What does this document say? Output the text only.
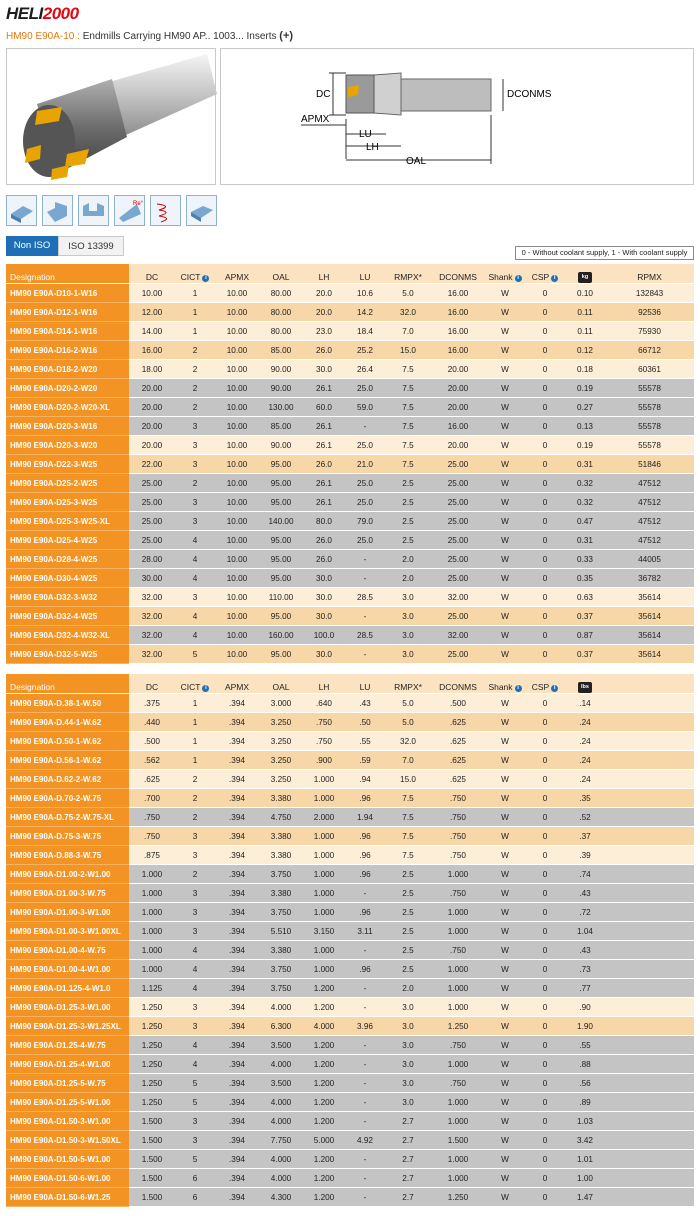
HELI2000
HM90 E90A-10 : Endmills Carrying HM90 AP.. 1003... Inserts (+)
DC	DCONMS
APMX
LU
LH
OAL
Re°
Non ISO	ISO 13399
0 - Without coolant supply, 1 - With coolant supply
Designation	DC	CICT i	APMX	OAL	LH	LU	RMPX*	DCONMS	Shank i	CSP i	kg	RPMX
HM90 E90A-D10-1-W16	10.00	1	10.00	80.00	20.0	10.6	5.0	16.00	W	0	0.10	132843
HM90 E90A-D12-1-W16	12.00	1	10.00	80.00	20.0	14.2	32.0	16.00	W	0	0.11	92536
HM90 E90A-D14-1-W16	14.00	1	10.00	80.00	23.0	18.4	7.0	16.00	W	0	0.11	75930
HM90 E90A-D16-2-W16	16.00	2	10.00	85.00	26.0	25.2	15.0	16.00	W	0	0.12	66712
HM90 E90A-D18-2-W20	18.00	2	10.00	90.00	30.0	26.4	7.5	20.00	W	0	0.18	60361
HM90 E90A-D20-2-W20	20.00	2	10.00	90.00	26.1	25.0	7.5	20.00	W	0	0.19	55578
HM90 E90A-D20-2-W20-XL	20.00	2	10.00	130.00	60.0	59.0	7.5	20.00	W	0	0.27	55578
HM90 E90A-D20-3-W16	20.00	3	10.00	85.00	26.1	-	7.5	16.00	W	0	0.13	55578
HM90 E90A-D20-3-W20	20.00	3	10.00	90.00	26.1	25.0	7.5	20.00	W	0	0.19	55578
HM90 E90A-D22-3-W25	22.00	3	10.00	95.00	26.0	21.0	7.5	25.00	W	0	0.31	51846
HM90 E90A-D25-2-W25	25.00	2	10.00	95.00	26.1	25.0	2.5	25.00	W	0	0.32	47512
HM90 E90A-D25-3-W25	25.00	3	10.00	95.00	26.1	25.0	2.5	25.00	W	0	0.32	47512
HM90 E90A-D25-3-W25-XL	25.00	3	10.00	140.00	80.0	79.0	2.5	25.00	W	0	0.47	47512
HM90 E90A-D25-4-W25	25.00	4	10.00	95.00	26.0	25.0	2.5	25.00	W	0	0.31	47512
HM90 E90A-D28-4-W25	28.00	4	10.00	95.00	26.0	-	2.0	25.00	W	0	0.33	44005
HM90 E90A-D30-4-W25	30.00	4	10.00	95.00	30.0	-	2.0	25.00	W	0	0.35	36782
HM90 E90A-D32-3-W32	32.00	3	10.00	110.00	30.0	28.5	3.0	32.00	W	0	0.63	35614
HM90 E90A-D32-4-W25	32.00	4	10.00	95.00	30.0	-	3.0	25.00	W	0	0.37	35614
HM90 E90A-D32-4-W32-XL	32.00	4	10.00	160.00	100.0	28.5	3.0	32.00	W	0	0.87	35614
HM90 E90A-D32-5-W25	32.00	5	10.00	95.00	30.0	-	3.0	25.00	W	0	0.37	35614
Designation	DC	CICT i	APMX	OAL	LH	LU	RMPX*	DCONMS	Shank i	CSP i	lbs	
HM90 E90A-D.38-1-W.50	.375	1	.394	3.000	.640	.43	5.0	.500	W	0	.14	
HM90 E90A-D.44-1-W.62	.440	1	.394	3.250	.750	.50	5.0	.625	W	0	.24	
HM90 E90A-D.50-1-W.62	.500	1	.394	3.250	.750	.55	32.0	.625	W	0	.24	
HM90 E90A-D.56-1-W.62	.562	1	.394	3.250	.900	.59	7.0	.625	W	0	.24	
HM90 E90A-D.62-2-W.62	.625	2	.394	3.250	1.000	.94	15.0	.625	W	0	.24	
HM90 E90A-D.70-2-W.75	.700	2	.394	3.380	1.000	.96	7.5	.750	W	0	.35	
HM90 E90A-D.75-2-W.75-XL	.750	2	.394	4.750	2.000	1.94	7.5	.750	W	0	.52	
HM90 E90A-D.75-3-W.75	.750	3	.394	3.380	1.000	.96	7.5	.750	W	0	.37	
HM90 E90A-D.88-3-W.75	.875	3	.394	3.380	1.000	.96	7.5	.750	W	0	.39	
HM90 E90A-D1.00-2-W1.00	1.000	2	.394	3.750	1.000	.96	2.5	1.000	W	0	.74	
HM90 E90A-D1.00-3-W.75	1.000	3	.394	3.380	1.000	-	2.5	.750	W	0	.43	
HM90 E90A-D1.00-3-W1.00	1.000	3	.394	3.750	1.000	.96	2.5	1.000	W	0	.72	
HM90 E90A-D1.00-3-W1.00XL	1.000	3	.394	5.510	3.150	3.11	2.5	1.000	W	0	1.04	
HM90 E90A-D1.00-4-W.75	1.000	4	.394	3.380	1.000	-	2.5	.750	W	0	.43	
HM90 E90A-D1.00-4-W1.00	1.000	4	.394	3.750	1.000	.96	2.5	1.000	W	0	.73	
HM90 E90A-D1.125-4-W1.0	1.125	4	.394	3.750	1.200	-	2.0	1.000	W	0	.77	
HM90 E90A-D1.25-3-W1.00	1.250	3	.394	4.000	1.200	-	3.0	1.000	W	0	.90	
HM90 E90A-D1.25-3-W1.25XL	1.250	3	.394	6.300	4.000	3.96	3.0	1.250	W	0	1.90	
HM90 E90A-D1.25-4-W.75	1.250	4	.394	3.500	1.200	-	3.0	.750	W	0	.55	
HM90 E90A-D1.25-4-W1.00	1.250	4	.394	4.000	1.200	-	3.0	1.000	W	0	.88	
HM90 E90A-D1.25-5-W.75	1.250	5	.394	3.500	1.200	-	3.0	.750	W	0	.56	
HM90 E90A-D1.25-5-W1.00	1.250	5	.394	4.000	1.200	-	3.0	1.000	W	0	.89	
HM90 E90A-D1.50-3-W1.00	1.500	3	.394	4.000	1.200	-	2.7	1.000	W	0	1.03	
HM90 E90A-D1.50-3-W1.50XL	1.500	3	.394	7.750	5.000	4.92	2.7	1.500	W	0	3.42	
HM90 E90A-D1.50-5-W1.00	1.500	5	.394	4.000	1.200	-	2.7	1.000	W	0	1.01	
HM90 E90A-D1.50-6-W1.00	1.500	6	.394	4.000	1.200	-	2.7	1.000	W	0	1.00	
HM90 E90A-D1.50-6-W1.25	1.500	6	.394	4.300	1.200	-	2.7	1.250	W	0	1.47	
